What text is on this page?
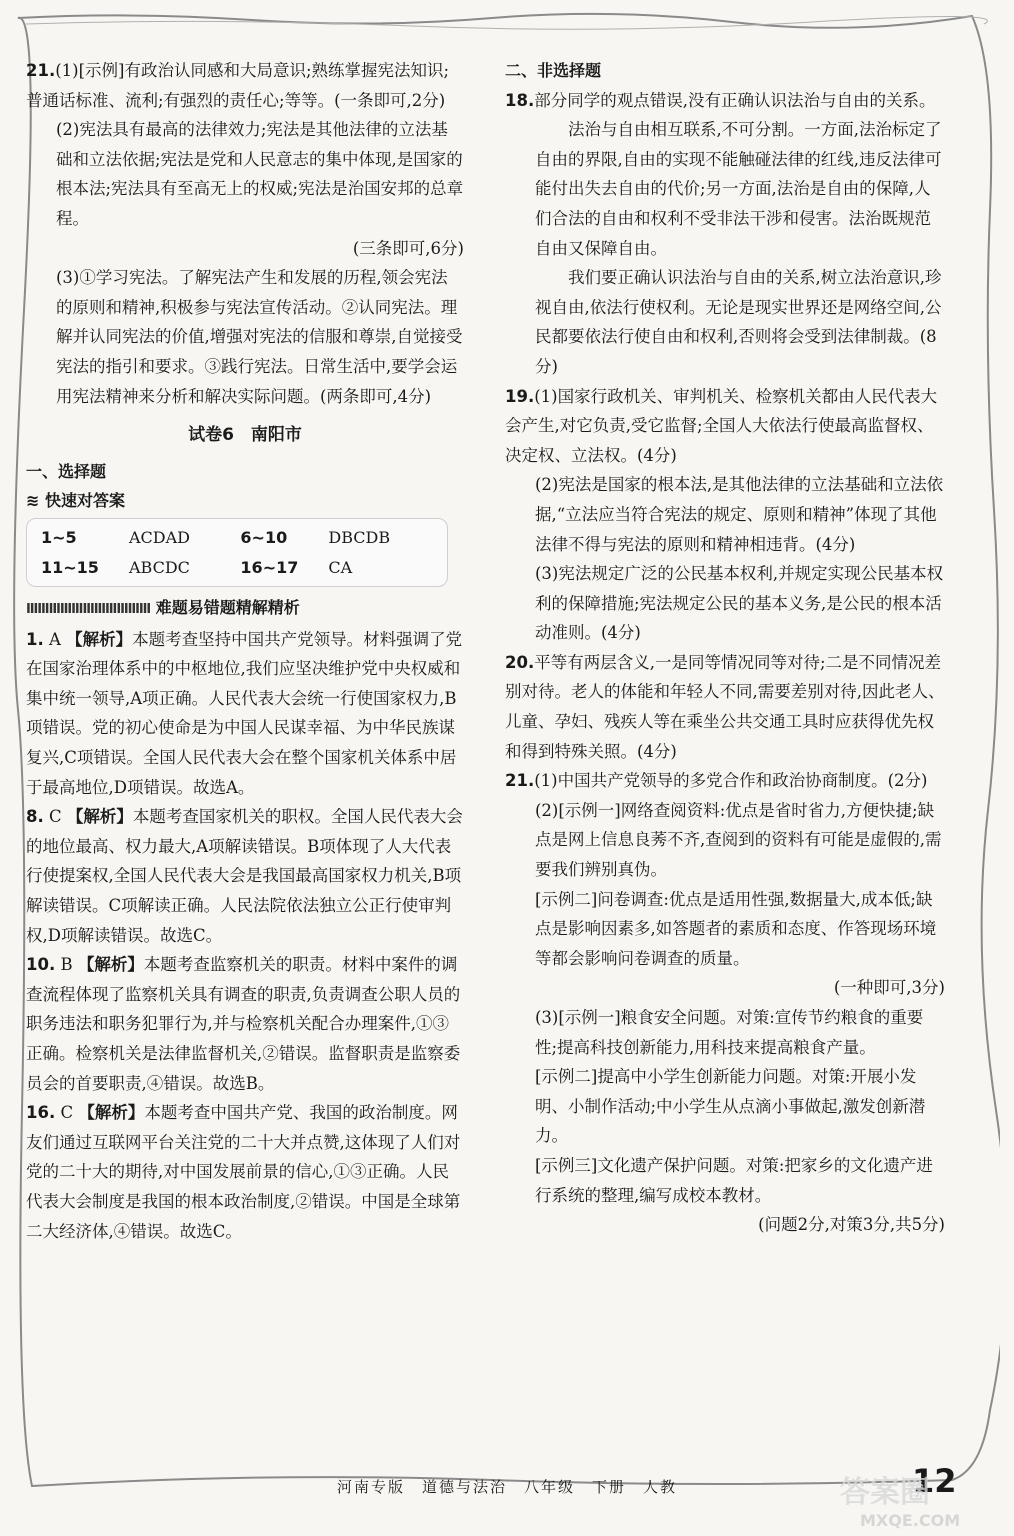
21.(1)[示例]有政治认同感和大局意识;熟练掌握宪法知识;普通话标准、流利;有强烈的责任心;等等。(一条即可,2分)

(2)宪法具有最高的法律效力;宪法是其他法律的立法基础和立法依据;宪法是党和人民意志的集中体现,是国家的根本法;宪法具有至高无上的权威;宪法是治国安邦的总章程。

(三条即可,6分)

(3)①学习宪法。了解宪法产生和发展的历程,领会宪法的原则和精神,积极参与宪法宣传活动。②认同宪法。理解并认同宪法的价值,增强对宪法的信服和尊崇,自觉接受宪法的指引和要求。③践行宪法。日常生活中,要学会运用宪法精神来分析和解决实际问题。(两条即可,4分)

试卷6　南阳市

一、选择题

≋ 快速对答案

1~5	ACDAD	6~10	DBCDB
11~15	ABCDC	16~17	CA

ⅢⅢⅢⅢⅢⅢⅢⅢⅢⅢⅢ 难题易错题精解精析

1. A 【解析】本题考查坚持中国共产党领导。材料强调了党在国家治理体系中的中枢地位,我们应坚决维护党中央权威和集中统一领导,A项正确。人民代表大会统一行使国家权力,B项错误。党的初心使命是为中国人民谋幸福、为中华民族谋复兴,C项错误。全国人民代表大会在整个国家机关体系中居于最高地位,D项错误。故选A。

8. C 【解析】本题考查国家机关的职权。全国人民代表大会的地位最高、权力最大,A项解读错误。B项体现了人大代表行使提案权,全国人民代表大会是我国最高国家权力机关,B项解读错误。C项解读正确。人民法院依法独立公正行使审判权,D项解读错误。故选C。

10. B 【解析】本题考查监察机关的职责。材料中案件的调查流程体现了监察机关具有调查的职责,负责调查公职人员的职务违法和职务犯罪行为,并与检察机关配合办理案件,①③正确。检察机关是法律监督机关,②错误。监督职责是监察委员会的首要职责,④错误。故选B。

16. C 【解析】本题考查中国共产党、我国的政治制度。网友们通过互联网平台关注党的二十大并点赞,这体现了人们对党的二十大的期待,对中国发展前景的信心,①③正确。人民代表大会制度是我国的根本政治制度,②错误。中国是全球第二大经济体,④错误。故选C。

二、非选择题

18.部分同学的观点错误,没有正确认识法治与自由的关系。

法治与自由相互联系,不可分割。一方面,法治标定了自由的界限,自由的实现不能触碰法律的红线,违反法律可能付出失去自由的代价;另一方面,法治是自由的保障,人们合法的自由和权利不受非法干涉和侵害。法治既规范自由又保障自由。

我们要正确认识法治与自由的关系,树立法治意识,珍视自由,依法行使权利。无论是现实世界还是网络空间,公民都要依法行使自由和权利,否则将会受到法律制裁。(8分)

19.(1)国家行政机关、审判机关、检察机关都由人民代表大会产生,对它负责,受它监督;全国人大依法行使最高监督权、决定权、立法权。(4分)

(2)宪法是国家的根本法,是其他法律的立法基础和立法依据,“立法应当符合宪法的规定、原则和精神”体现了其他法律不得与宪法的原则和精神相违背。(4分)

(3)宪法规定广泛的公民基本权利,并规定实现公民基本权利的保障措施;宪法规定公民的基本义务,是公民的根本活动准则。(4分)

20.平等有两层含义,一是同等情况同等对待;二是不同情况差别对待。老人的体能和年轻人不同,需要差别对待,因此老人、儿童、孕妇、残疾人等在乘坐公共交通工具时应获得优先权和得到特殊关照。(4分)

21.(1)中国共产党领导的多党合作和政治协商制度。(2分)

(2)[示例一]网络查阅资料:优点是省时省力,方便快捷;缺点是网上信息良莠不齐,查阅到的资料有可能是虚假的,需要我们辨别真伪。

[示例二]问卷调查:优点是适用性强,数据量大,成本低;缺点是影响因素多,如答题者的素质和态度、作答现场环境等都会影响问卷调查的质量。

(一种即可,3分)

(3)[示例一]粮食安全问题。对策:宣传节约粮食的重要性;提高科技创新能力,用科技来提高粮食产量。

[示例二]提高中小学生创新能力问题。对策:开展小发明、小制作活动;中小学生从点滴小事做起,激发创新潜力。

[示例三]文化遗产保护问题。对策:把家乡的文化遗产进行系统的整理,编写成校本教材。

(问题2分,对策3分,共5分)

河南专版　道德与法治　八年级　下册　人教	12
答案圈
MXQE.COM
